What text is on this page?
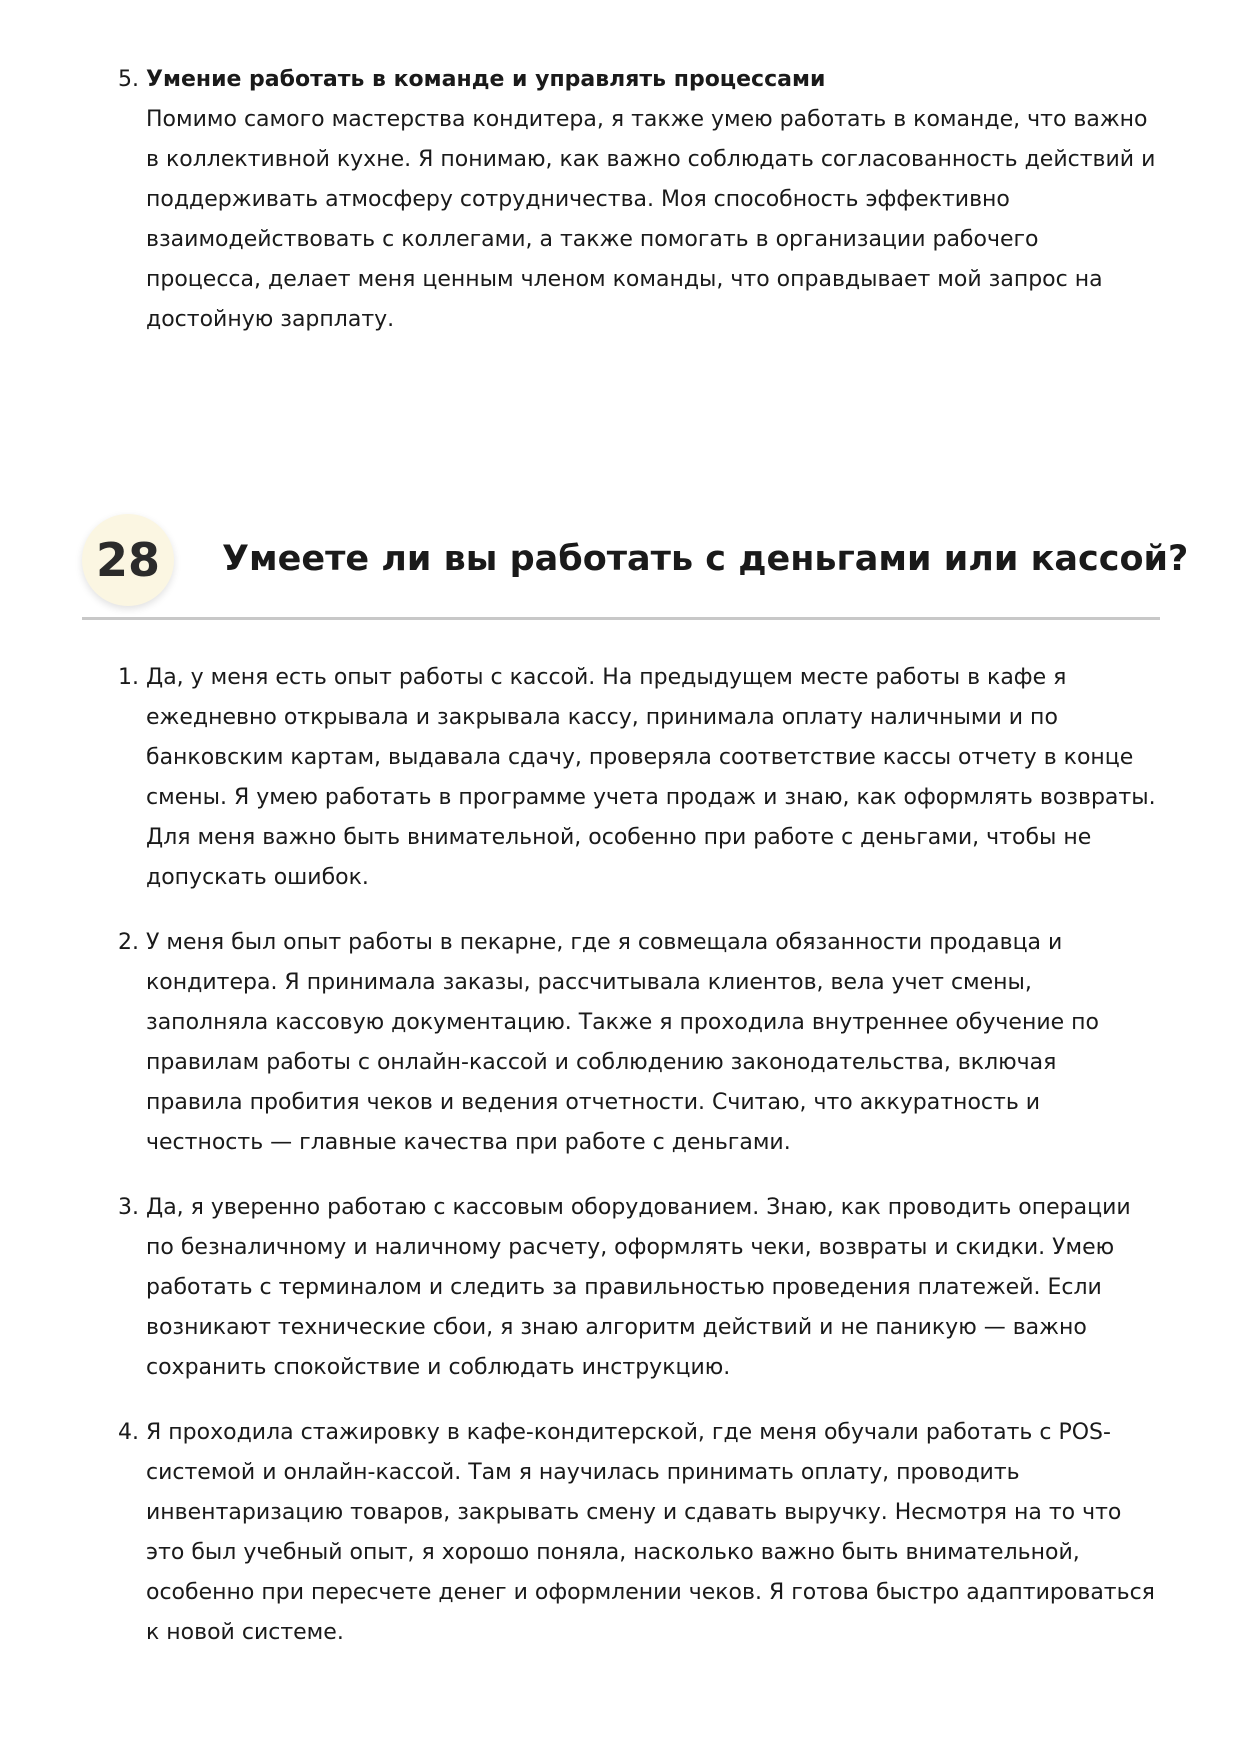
5. Умение работать в команде и управлять процессами
Помимо самого мастерства кондитера, я также умею работать в команде, что важно в коллективной кухне. Я понимаю, как важно соблюдать согласованность действий и поддерживать атмосферу сотрудничества. Моя способность эффективно взаимодействовать с коллегами, а также помогать в организации рабочего процесса, делает меня ценным членом команды, что оправдывает мой запрос на достойную зарплату.
28	Умеете ли вы работать с деньгами или кассой?
1. Да, у меня есть опыт работы с кассой. На предыдущем месте работы в кафе я ежедневно открывала и закрывала кассу, принимала оплату наличными и по банковским картам, выдавала сдачу, проверяла соответствие кассы отчету в конце смены. Я умею работать в программе учета продаж и знаю, как оформлять возвраты. Для меня важно быть внимательной, особенно при работе с деньгами, чтобы не допускать ошибок.
2. У меня был опыт работы в пекарне, где я совмещала обязанности продавца и кондитера. Я принимала заказы, рассчитывала клиентов, вела учет смены, заполняла кассовую документацию. Также я проходила внутреннее обучение по правилам работы с онлайн-кассой и соблюдению законодательства, включая правила пробития чеков и ведения отчетности. Считаю, что аккуратность и честность — главные качества при работе с деньгами.
3. Да, я уверенно работаю с кассовым оборудованием. Знаю, как проводить операции по безналичному и наличному расчету, оформлять чеки, возвраты и скидки. Умею работать с терминалом и следить за правильностью проведения платежей. Если возникают технические сбои, я знаю алгоритм действий и не паникую — важно сохранить спокойствие и соблюдать инструкцию.
4. Я проходила стажировку в кафе-кондитерской, где меня обучали работать с POS-системой и онлайн-кассой. Там я научилась принимать оплату, проводить инвентаризацию товаров, закрывать смену и сдавать выручку. Несмотря на то что это был учебный опыт, я хорошо поняла, насколько важно быть внимательной, особенно при пересчете денег и оформлении чеков. Я готова быстро адаптироваться к новой системе.
